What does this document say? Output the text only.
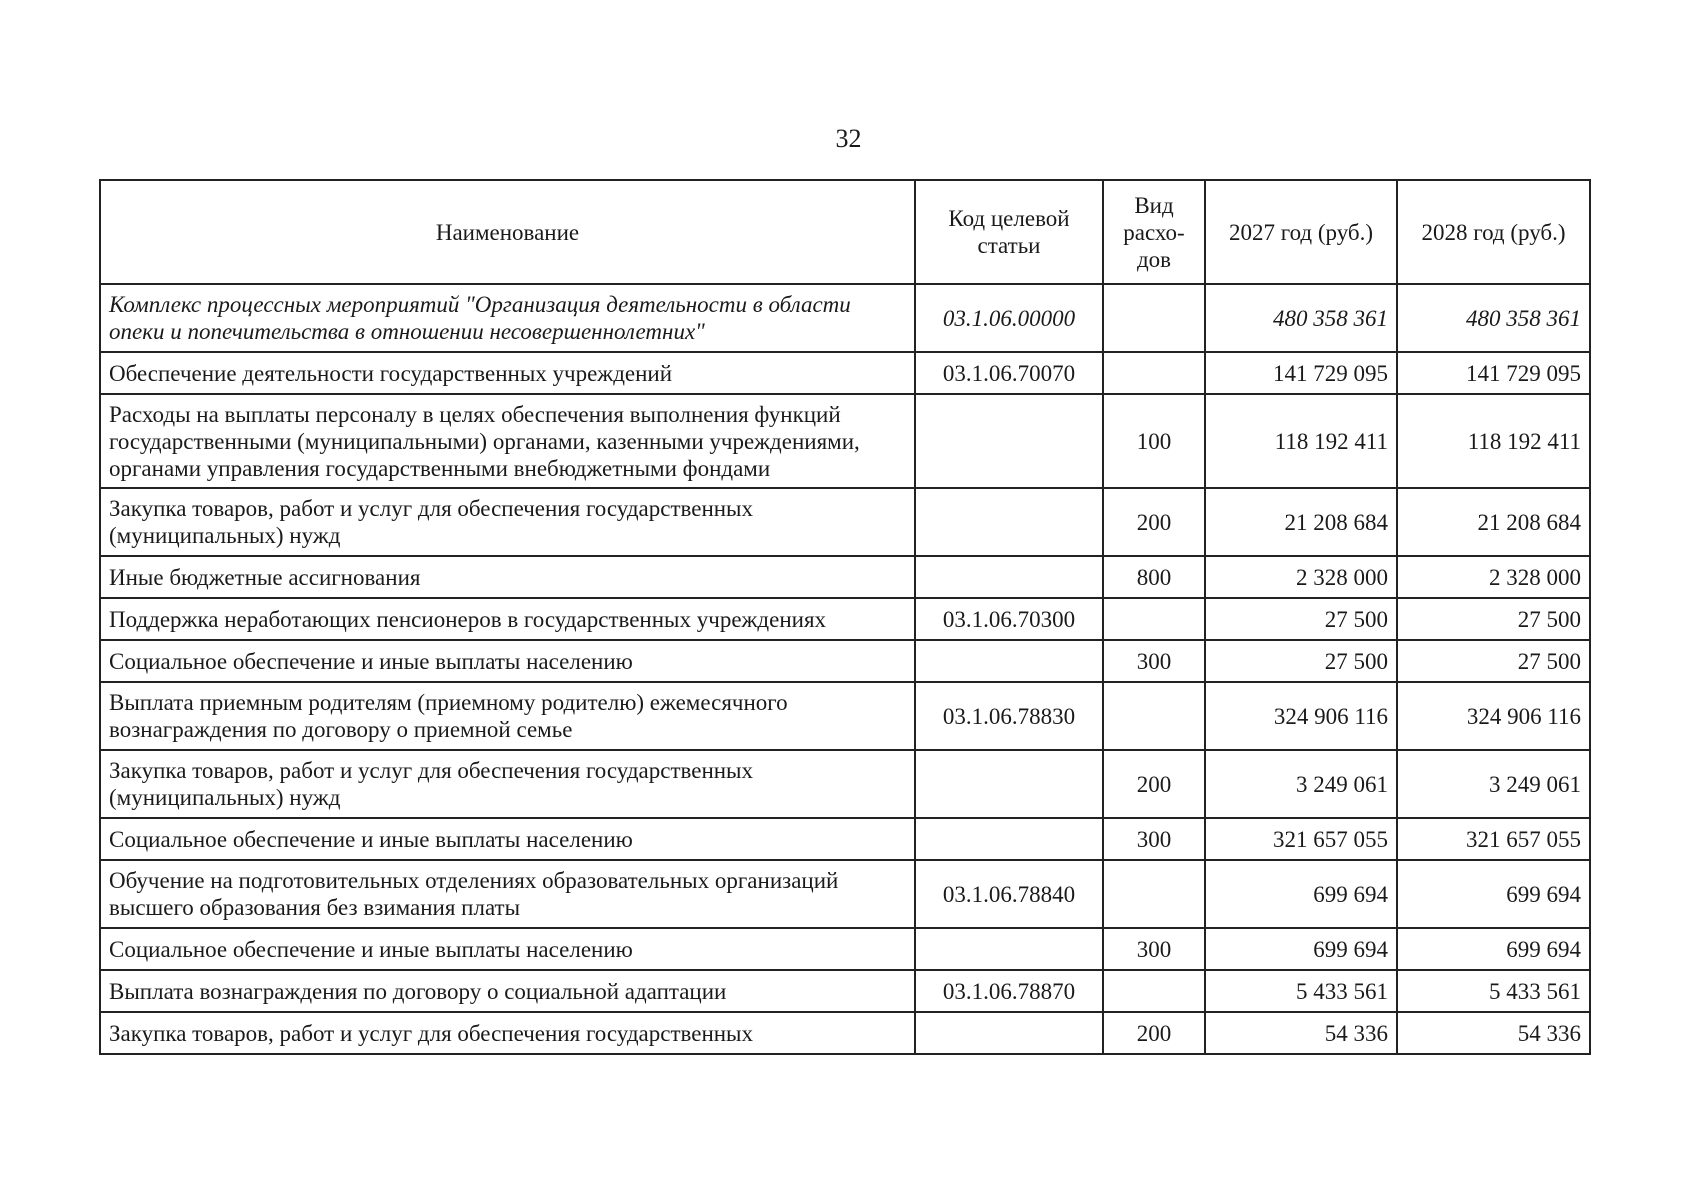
32
Наименование	Код целевой статьи	Вид расхо- дов	2027 год (руб.)	2028 год (руб.)
Комплекс процессных мероприятий "Организация деятельности в области опеки и попечительства в отношении несовершеннолетних"	03.1.06.00000		480 358 361	480 358 361
Обеспечение деятельности государственных учреждений	03.1.06.70070		141 729 095	141 729 095
Расходы на выплаты персоналу в целях обеспечения выполнения функций государственными (муниципальными) органами, казенными учреждениями, органами управления государственными внебюджетными фондами		100	118 192 411	118 192 411
Закупка товаров, работ и услуг для обеспечения государственных (муниципальных) нужд		200	21 208 684	21 208 684
Иные бюджетные ассигнования		800	2 328 000	2 328 000
Поддержка неработающих пенсионеров в государственных учреждениях	03.1.06.70300		27 500	27 500
Социальное обеспечение и иные выплаты населению		300	27 500	27 500
Выплата приемным родителям (приемному родителю) ежемесячного вознаграждения по договору о приемной семье	03.1.06.78830		324 906 116	324 906 116
Закупка товаров, работ и услуг для обеспечения государственных (муниципальных) нужд		200	3 249 061	3 249 061
Социальное обеспечение и иные выплаты населению		300	321 657 055	321 657 055
Обучение на подготовительных отделениях образовательных организаций высшего образования без взимания платы	03.1.06.78840		699 694	699 694
Социальное обеспечение и иные выплаты населению		300	699 694	699 694
Выплата вознаграждения по договору о социальной адаптации	03.1.06.78870		5 433 561	5 433 561
Закупка товаров, работ и услуг для обеспечения государственных		200	54 336	54 336
